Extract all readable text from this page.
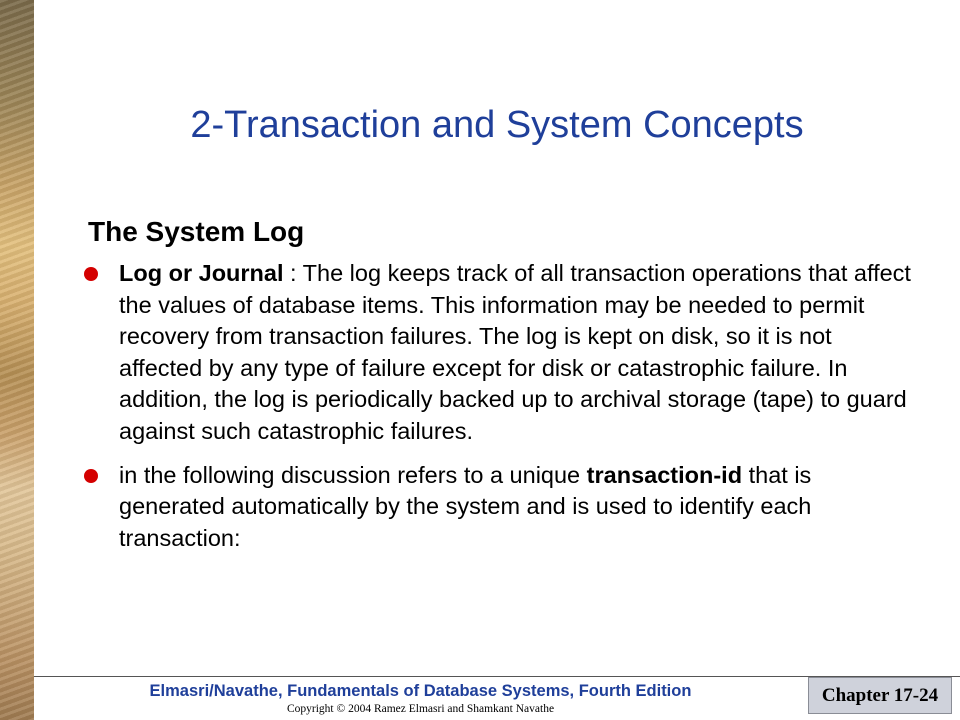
2-Transaction and System Concepts
The System Log
Log or Journal : The log keeps track of all transaction operations that affect the values of database items. This information may be needed to permit recovery from transaction failures. The log is kept on disk, so it is not affected by any type of failure except for disk or catastrophic failure. In addition, the log is periodically backed up to archival storage (tape) to guard against such catastrophic failures.
in the following discussion refers to a unique transaction-id that is generated automatically by the system and is used to identify each transaction:
Elmasri/Navathe, Fundamentals of Database Systems, Fourth Edition
Copyright © 2004 Ramez Elmasri and Shamkant Navathe
Chapter 17-24
